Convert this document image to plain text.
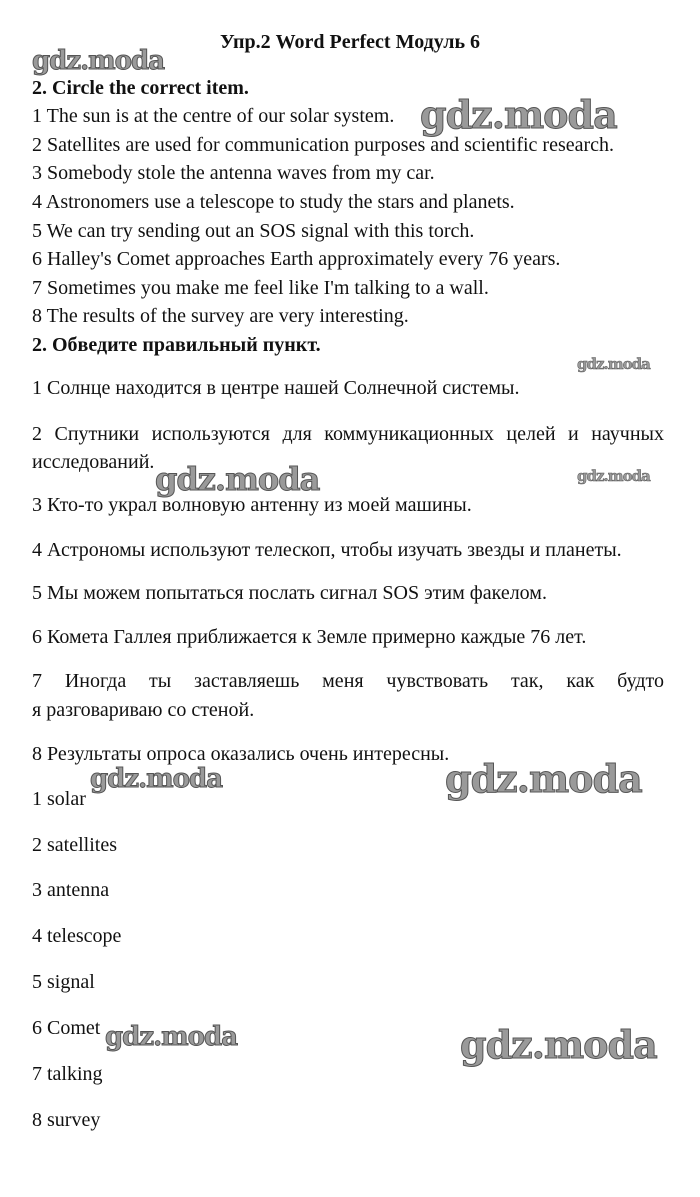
Упр.2 Word Perfect Модуль 6
2. Circle the correct item.
1 The sun is at the centre of our solar system.
2 Satellites are used for communication purposes and scientific research.
3 Somebody stole the antenna waves from my car.
4 Astronomers use a telescope to study the stars and planets.
5 We can try sending out an SOS signal with this torch.
6 Halley's Comet approaches Earth approximately every 76 years.
7 Sometimes you make me feel like I'm talking to a wall.
8 The results of the survey are very interesting.
2. Обведите правильный пункт.
1 Солнце находится в центре нашей Солнечной системы.
2 Спутники используются для коммуникационных целей и научных
исследований.
3 Кто-то украл волновую антенну из моей машины.
4 Астрономы используют телескоп, чтобы изучать звезды и планеты.
5 Мы можем попытаться послать сигнал SOS этим факелом.
6 Комета Галлея приближается к Земле примерно каждые 76 лет.
7 Иногда ты заставляешь меня чувствовать так, как будто
я разговариваю со стеной.
8 Результаты опроса оказались очень интересны.
1 solar
2 satellites
3 antenna
4 telescope
5 signal
6 Comet
7 talking
8 survey
gdz.moda
gdz.moda
gdz.moda
gdz.moda	gdz.moda
gdz.moda	gdz.moda
gdz.moda	gdz.moda
